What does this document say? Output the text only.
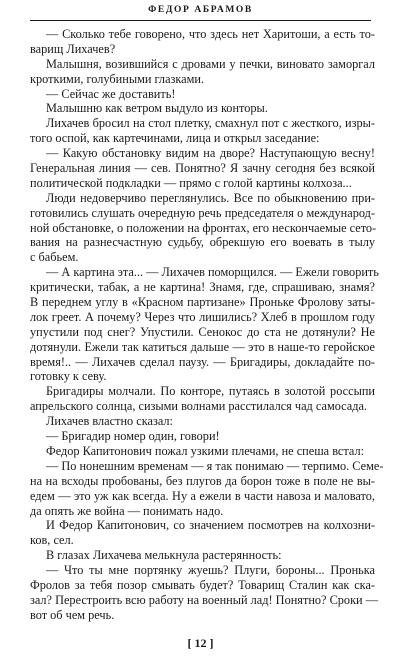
ФЕДОР АБРАМОВ
— Сколько тебе говорено, что здесь нет Харитоши, а есть то-
варищ Лихачев?
Малышня, возившийся с дровами у печки, виновато заморгал
кроткими, голубиными глазками.
— Сейчас же доставить!
Малышню как ветром выдуло из конторы.
Лихачев бросил на стол плетку, смахнул пот с жесткого, изры-
того оспой, как картечинами, лица и открыл заседание:
— Какую обстановку видим на дворе? Наступающую весну!
Генеральная линия — сев. Понятно? Я зачну сегодня без всякой
политической подкладки — прямо с голой картины колхоза...
Люди недоверчиво переглянулись. Все по обыкновению при-
готовились слушать очередную речь председателя о международ-
ной обстановке, о положении на фронтах, его нескончаемые сето-
вания на разнесчастную судьбу, обрекшую его воевать в тылу
с бабьем.
— А картина эта... — Лихачев поморщился. — Ежели говорить
критически, табак, а не картина! Знамя, где, спрашиваю, знамя?
В переднем углу в «Красном партизане» Проньке Фролову заты-
лок греет. А почему? Через что лишились? Хлеб в прошлом году
упустили под снег? Упустили. Сенокос до ста не дотянули? Не
дотянули. Ежели так катиться дальше — это в наше-то геройское
время!.. — Лихачев сделал паузу. — Бригадиры, докладайте по-
готовку к севу.
Бригадиры молчали. По конторе, путаясь в золотой россыпи
апрельского солнца, сизыми волнами расстилался чад самосада.
Лихачев властно сказал:
— Бригадир номер один, говори!
Федор Капитонович пожал узкими плечами, не спеша встал:
— По нонешним временам — я так понимаю — терпимо. Семе-
на на всходы пробованы, без плугов да борон тоже в поле не вы-
едем — это уж как всегда. Ну а ежели в части навоза и маловато,
да опять же война — понимать надо.
И Федор Капитонович, со значением посмотрев на колхозни-
ков, сел.
В глазах Лихачева мелькнула растерянность:
— Что ты мне портянку жуешь? Плуги, бороны... Пронька
Фролов за тебя позор смывать будет? Товарищ Сталин как ска-
зал? Перестроить всю работу на военный лад! Понятно? Сроки —
вот об чем речь.
[ 12 ]
